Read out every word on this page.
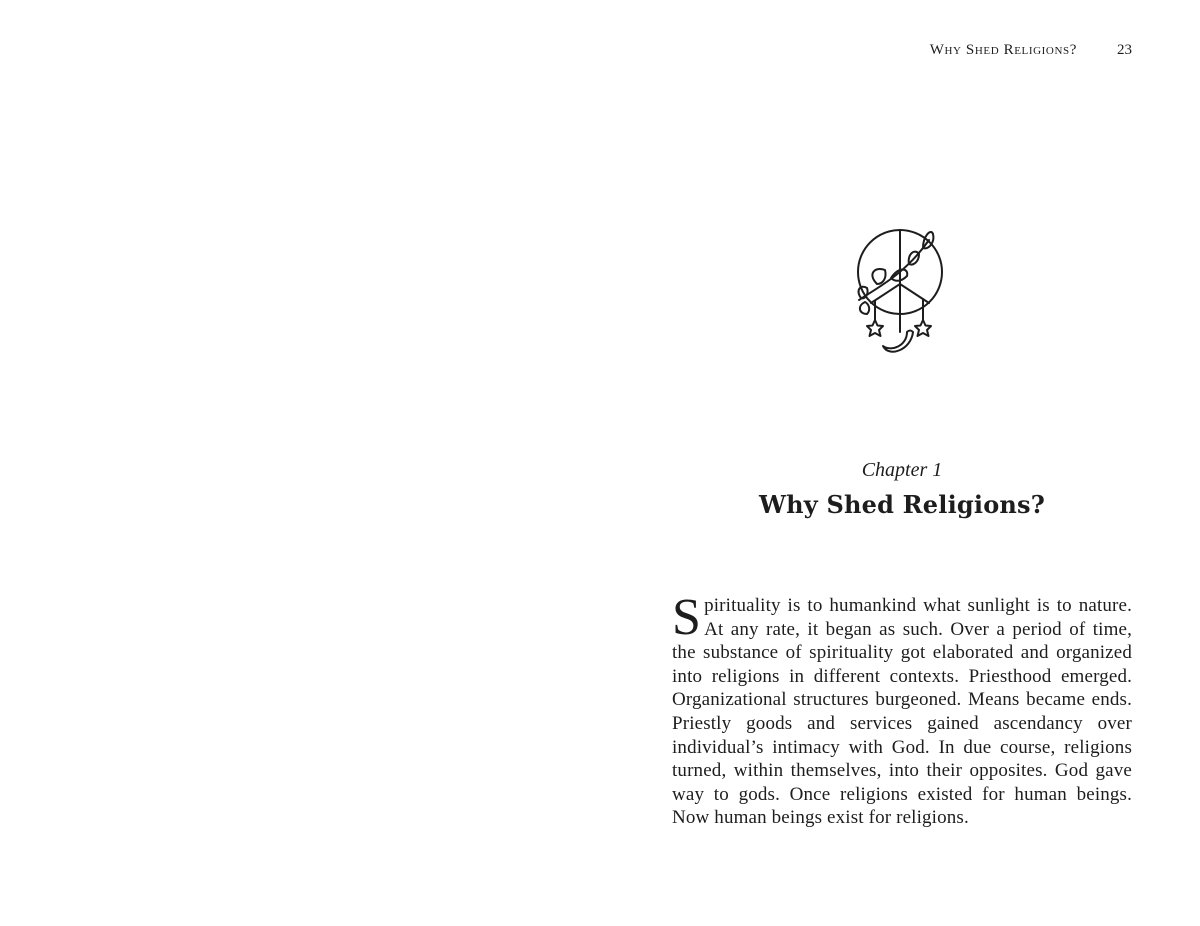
Why Shed Religions?	23
Chapter 1
Why Shed Religions?

Spirituality is to humankind what sunlight is to nature. At any rate, it began as such. Over a period of time, the substance of spirituality got elaborated and organized into religions in different contexts. Priesthood emerged. Organizational structures burgeoned. Means became ends. Priestly goods and services gained ascendancy over individual’s intimacy with God. In due course, religions turned, within themselves, into their opposites. God gave way to gods. Once religions existed for human beings. Now human beings exist for religions.
